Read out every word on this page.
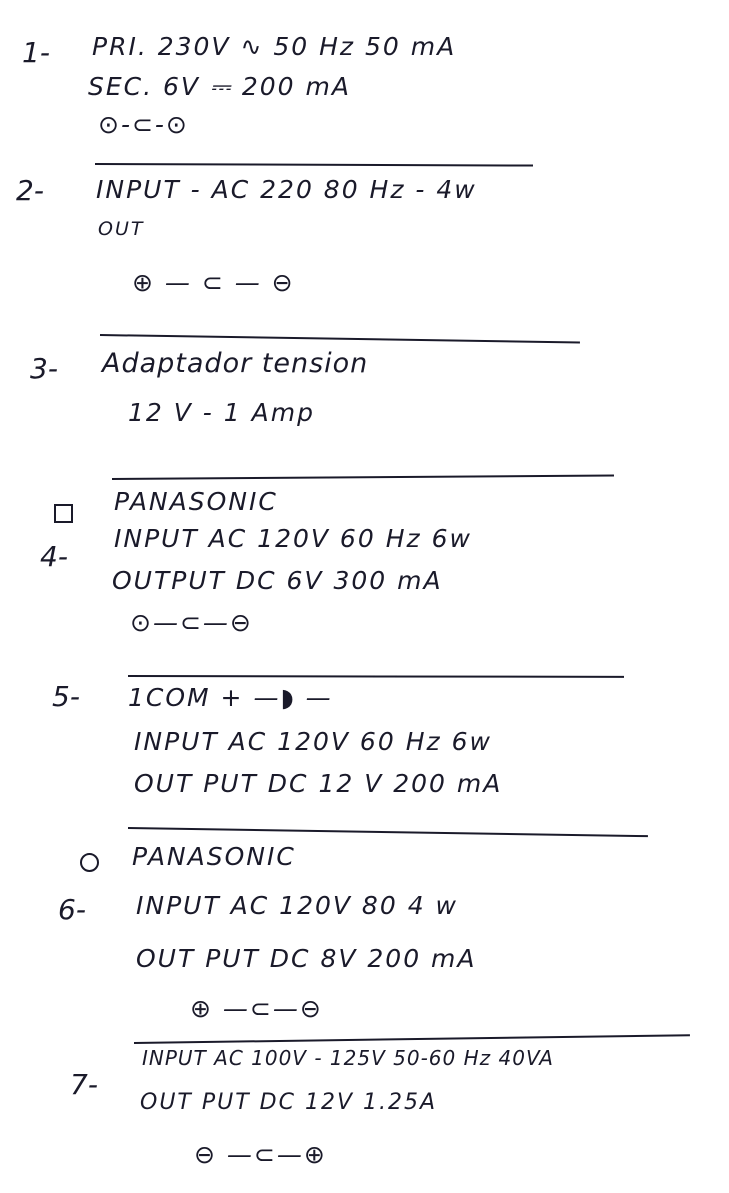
1- PRI. 230V ∿ 50 Hz 50 mA
SEC. 6V ⎓ 200 mA
⊙-⊂-⊙
2- INPUT - AC 220 80 Hz - 4w
OUT
⊕ — ⊂ — ⊖
3- Adaptador tension
12 V - 1 Amp
PANASONIC
4-
INPUT AC 120V 60 Hz 6w
OUTPUT DC 6V 300 mA
⊙—⊂—⊖
5- 1COM + —◗ —
INPUT AC 120V 60 Hz 6w
OUT PUT DC 12 V 200 mA
PANASONIC
6- INPUT AC 120V 80 4 w
OUT PUT DC 8V 200 mA
⊕ —⊂—⊖
7-
INPUT AC 100V - 125V 50-60 Hz 40VA
OUT PUT DC 12V 1.25A
⊖ —⊂—⊕
